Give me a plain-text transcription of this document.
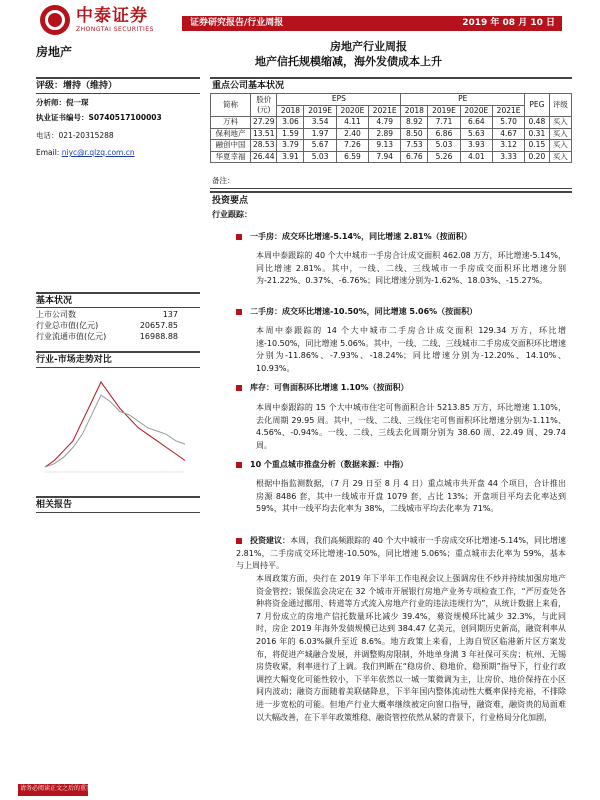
中泰证券
ZHONGTAI SECURITIES
证券研究报告/行业周报	2019 年 08 月 10 日
房地产	房地产行业周报
地产信托规模缩减，海外发债成本上升
评级：增持（维持）
分析师：倪一琛
执业证书编号：S0740517100003
电话：021-20315288
Email: niyc@r.qlzq.com.cn
基本状况
上市公司数	137
行业总市值(亿元)	20657.85
行业流通市值(亿元)	16988.88
行业-市场走势对比
相关报告
重点公司基本状况
简称	股价(元)	EPS				PE				PEG	评级
		2018	2019E	2020E	2021E	2018	2019E	2020E	2021E		
万科	27.29	3.06	3.54	4.11	4.79	8.92	7.71	6.64	5.70	0.48	买入
保利地产	13.51	1.59	1.97	2.40	2.89	8.50	6.86	5.63	4.67	0.31	买入
融创中国	28.53	3.79	5.67	7.26	9.13	7.53	5.03	3.93	3.12	0.15	买入
华夏幸福	26.44	3.91	5.03	6.59	7.94	6.76	5.26	4.01	3.33	0.20	买入
备注：
投资要点
行业跟踪：
一手房：成交环比增速-5.14%，同比增速 2.81%（按面积）
本周中泰跟踪的 40 个大中城市一手房合计成交面积 462.08 万方，环比增速-5.14%，同比增速 2.81%。其中，一线、二线、三线城市一手房成交面积环比增速分别为-21.22%、0.37%、-6.76%；同比增速分别为-1.62%、18.03%、-15.27%。
二手房：成交环比增速-10.50%，同比增速 5.06%（按面积）
本周中泰跟踪的 14 个大中城市二手房合计成交面积 129.34 万方，环比增速-10.50%，同比增速 5.06%。其中，一线、二线、三线城市二手房成交面积环比增速分别为-11.86%、-7.93%、-18.24%；同比增速分别为-12.20%、14.10%、10.93%。
库存：可售面积环比增速 1.10%（按面积）
本周中泰跟踪的 15 个大中城市住宅可售面积合计 5213.85 万方，环比增速 1.10%，去化周期 29.95 周。其中，一线、二线、三线住宅可售面积环比增速分别为-1.11%、4.56%、-0.94%。一线、二线、三线去化周期分别为 38.60 周、22.49 周、29.74 周。
10 个重点城市推盘分析（数据来源：中指）
根据中指监测数据，（7 月 29 日至 8 月 4 日）重点城市共开盘 44 个项目，合计推出房源 8486 套，其中一线城市开盘 1079 套，占比 13%；开盘项目平均去化率达到 59%，其中一线平均去化率为 38%，二线城市平均去化率为 71%。
投资建议：本周，我们高频跟踪的 40 个大中城市一手房成交环比增速-5.14%，同比增速 2.81%，二手房成交环比增速-10.50%，同比增速 5.06%；重点城市去化率为 59%，基本与上周持平。
本周政策方面，央行在 2019 年下半年工作电视会议上强调房住不炒并持续加强房地产资金管控；银保监会决定在 32 个城市开展银行房地产业务专项检查工作，“严厉查处各种将资金通过挪用、转道等方式流入房地产行业的违法违规行为”，从统计数据上来看，7 月份成立的房地产信托数量环比减少 39.4%，募资规模环比减少 32.3%，与此同时，房企 2019 年海外发债规模已达到 384.47 亿美元，创同期历史新高，融资利率从 2016 年的 6.03%飙升至近 8.6%。地方政策上来看，上海自贸区临港新片区方案发布，将促进产城融合发展，并调整购房限制，外地单身满 3 年社保可买房；杭州、无锡房贷收紧，利率进行了上调。我们判断在“稳房价、稳地价、稳预期”指导下，行业行政调控大幅变化可能性较小，下半年依然以一城一策微调为主，让房价、地价保持在小区间内波动；融资方面随着美联储降息，下半年国内整体流动性大概率保持充裕，不排除进一步宽松的可能。但地产行业大概率继续被定向窗口指导，融资难，融资贵的局面难以大幅改善，在下半年政策维稳、融资管控依然从紧的背景下，行业格局分化加剧，
请务必阅读正文之后的重要声明部分
